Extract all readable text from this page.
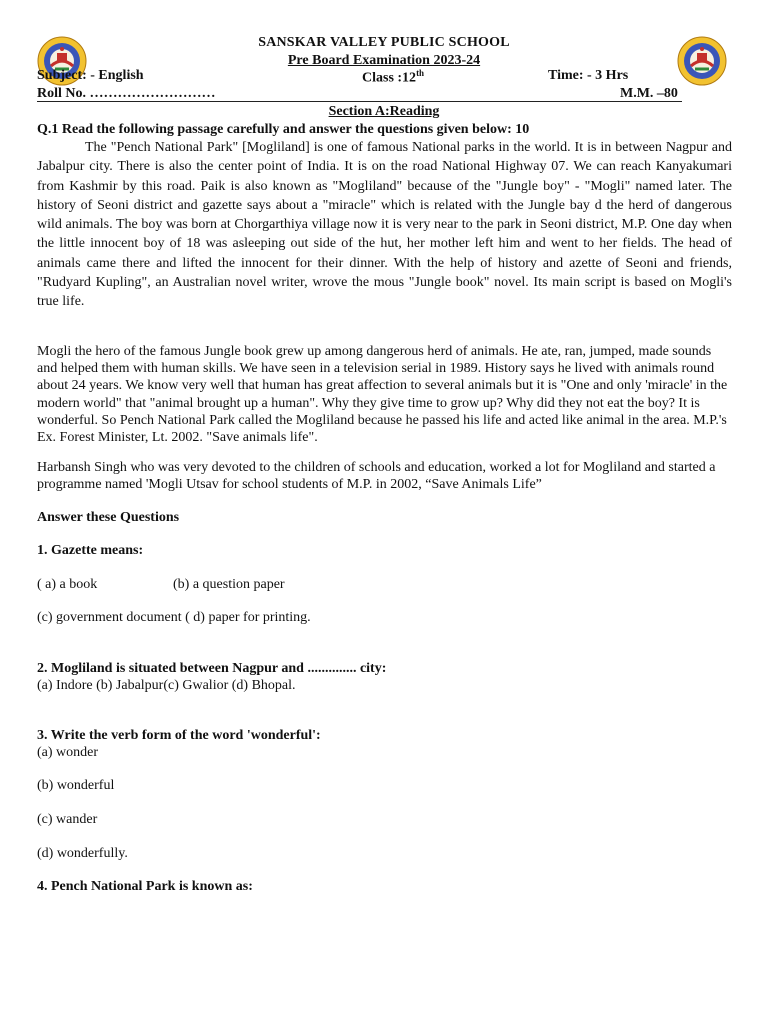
SANSKAR VALLEY PUBLIC SCHOOL
Pre Board Examination 2023-24
Subject: - English	Class :12th	Time: - 3 Hrs
Roll No. ………………………	M.M. –80
Section A:Reading
Q.1 Read the following passage carefully and answer the questions given below: 10

The "Pench National Park" [Mogliland] is one of famous National parks in the world. It is in between Nagpur and Jabalpur city. There is also the center point of India. It is on the road National Highway 07. We can reach Kanyakumari from Kashmir by this road. Paik is also known as "Mogliland" because of the "Jungle boy" - "Mogli" named later. The history of Seoni district and gazette says about a "miracle" which is related with the Jungle bay d the herd of dangerous wild animals. The boy was born at Chorgarthiya village now it is very near to the park in Seoni district, M.P. One day when the little innocent boy of 18 was asleeping out side of the hut, her mother left him and went to her fields. The head of animals came there and lifted the innocent for their dinner. With the help of history and azette of Seoni and friends, "Rudyard Kupling", an Australian novel writer, wrove the mous "Jungle book" novel. Its main script is based on Mogli's true life.

Mogli the hero of the famous Jungle book grew up among dangerous herd of animals. He ate, ran, jumped, made sounds and helped them with human skills. We have seen in a television serial in 1989. History says he lived with animals round about 24 years. We know very well that human has great affection to several animals but it is "One and only 'miracle' in the modern world" that "animal brought up a human". Why they give time to grow up? Why did they not eat the boy? It is wonderful. So Pench National Park called the Mogliland because he passed his life and acted like animal in the area. M.P.'s Ex. Forest Minister, Lt. 2002. "Save animals life".

Harbansh Singh who was very devoted to the children of schools and education, worked a lot for Mogliland and started a programme named 'Mogli Utsav for school students of M.P. in 2002, “Save Animals Life”

Answer these Questions
1. Gazette means:
( a) a book	(b) a question paper
(c) government document ( d) paper for printing.
2. Mogliland is situated between Nagpur and .............. city:
(a) Indore (b) Jabalpur(c) Gwalior (d) Bhopal.
3. Write the verb form of the word 'wonderful':
(a) wonder
(b) wonderful
(c) wander
(d) wonderfully.
4. Pench National Park is known as:
